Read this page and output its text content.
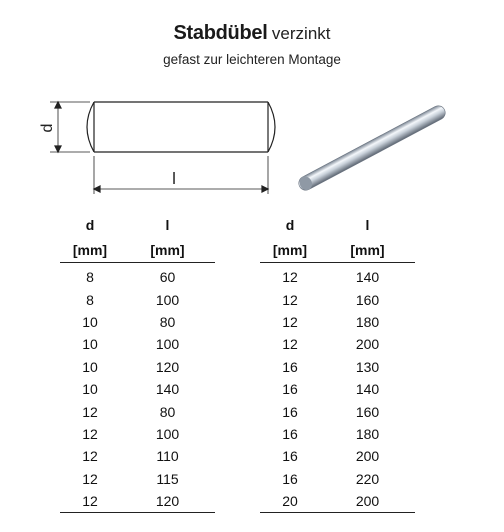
Stabdübel verzinkt
gefast zur leichteren Montage
d
l
d	l
[mm]	[mm]
8	60
8	100
10	80
10	100
10	120
10	140
12	80
12	100
12	110
12	115
12	120
d	l
[mm]	[mm]
12	140
12	160
12	180
12	200
16	130
16	140
16	160
16	180
16	200
16	220
20	200
